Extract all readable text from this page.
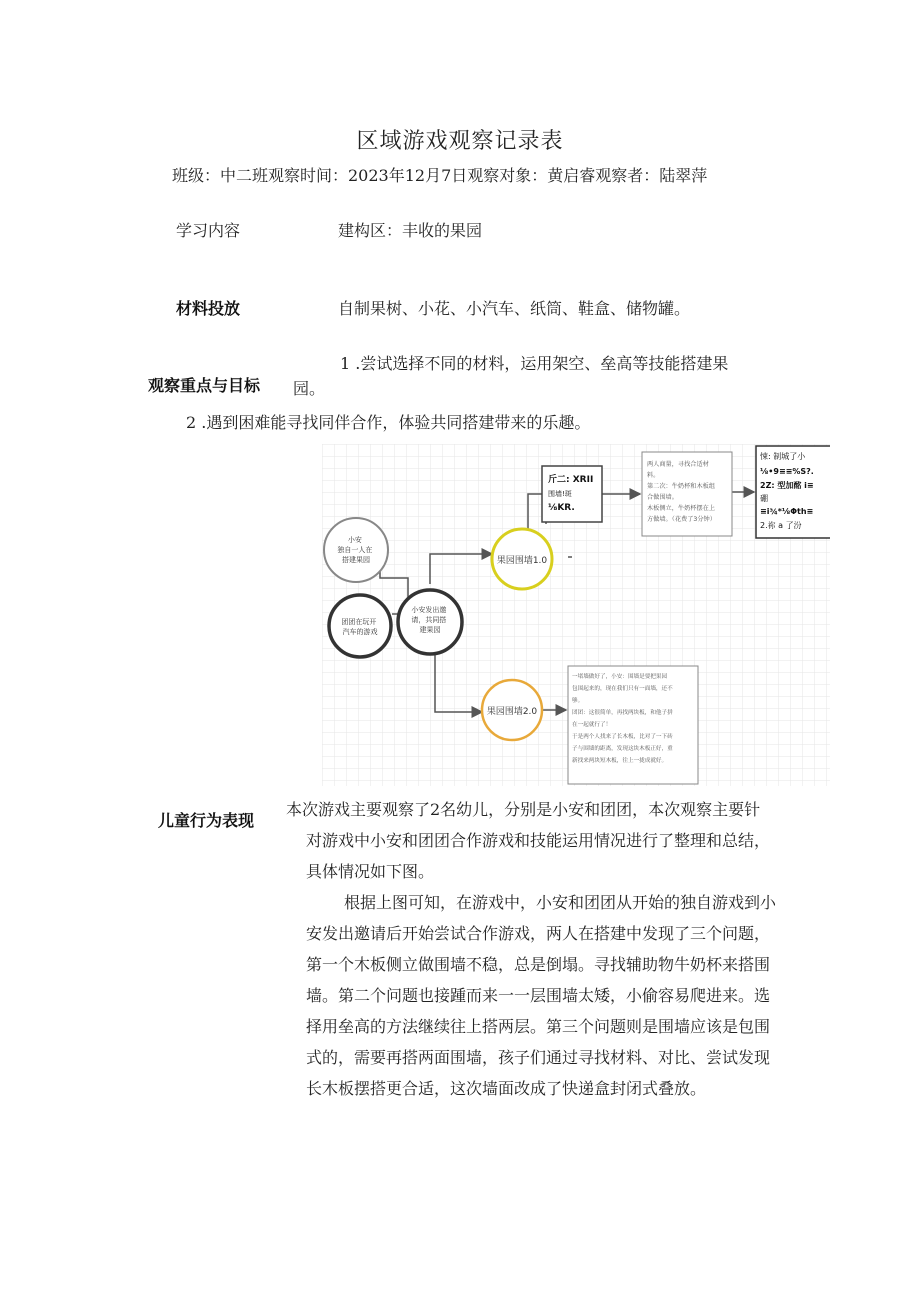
区域游戏观察记录表
班级：中二班观察时间：2023年12月7日观察对象：黄启睿观察者：陆翠萍
学习内容	建构区：丰收的果园
材料投放	自制果树、小花、小汽车、纸筒、鞋盒、储物罐。
1 .尝试选择不同的材料，运用架空、垒高等技能搭建果
观察重点与目标 园。
2 .遇到困难能寻找同伴合作，体验共同搭建带来的乐趣。
小安 独自一人在 搭建果园
团团在玩开 汽车的游戏
小安发出邀 请，共同搭 建果园
果园围墙1.0
斤二: XRII 围墙!斑 ⅛KR.
两人商量，寻找合适材 料。 第二次：牛奶杯和木板组 合做围墙。 木板侧立，牛奶杯摆在上 方做墙。（花费了3分钟）
悚: 制城了小 ⅛•9≡≡%S?. 2Z: 型加酩 i≡ 硼 ≡i¾*⅛Φth≡ 2.祢 a 了汾
果园围墙2.0
一堵墙做好了，小安：围墙是要把果园 包围起来的，现在我们只有一面墙，还不 够。 团团：这很简单，再找两块板，和他子拼 在一起就行了！ 于是两个人找来了长木板，比对了一下砖 子与围墙的距离，发现这块木板正好，重 新找来两块短木板，往上一拢成就好。
儿童行为表现
本次游戏主要观察了2名幼儿，分别是小安和团团，本次观察主要针
对游戏中小安和团团合作游戏和技能运用情况进行了整理和总结，
具体情况如下图。
根据上图可知，在游戏中，小安和团团从开始的独自游戏到小
安发出邀请后开始尝试合作游戏，两人在搭建中发现了三个问题，
第一个木板侧立做围墙不稳，总是倒塌。寻找辅助物牛奶杯来搭围
墙。第二个问题也接踵而来一一层围墙太矮，小偷容易爬进来。选
择用垒高的方法继续往上搭两层。第三个问题则是围墙应该是包围
式的，需要再搭两面围墙，孩子们通过寻找材料、对比、尝试发现
长木板摆搭更合适，这次墙面改成了快递盒封闭式叠放。
